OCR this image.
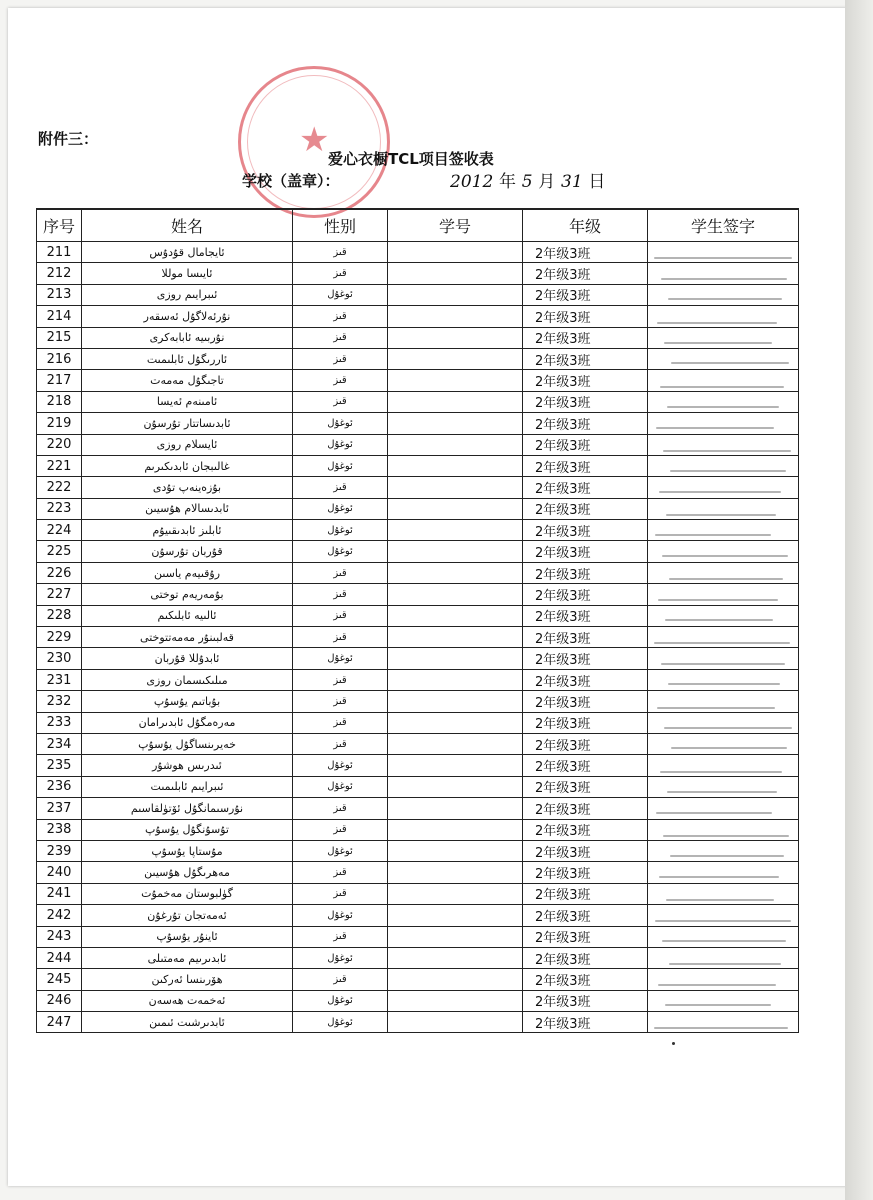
★
附件三：
爱心衣橱TCL项目签收表
学校（盖章）：	2012 年 5 月 31 日
序号	姓名	性别	学号	年级	学生签字
211	ئايجامال قۇدۇس	قىز		2年级3班	

212	ئايىسا موللا	قىز		2年级3班	

213	ئىبرايىم روزى	ئوغۇل		2年级3班	

214	نۇرئەلاگۇل ئەسقەر	قىز		2年级3班	

215	نۇربىيە ئابابەكرى	قىز		2年级3班	

216	ئاررىگۇل ئابلىمىت	قىز		2年级3班	

217	تاجىگۇل مەمەت	قىز		2年级3班	

218	ئامىنەم ئەيسا	قىز		2年级3班	

219	ئابدىساتتار تۇرسۇن	ئوغۇل		2年级3班	

220	ئايسلام روزى	ئوغۇل		2年级3班	

221	غالىبجان ئابدىكىرىم	ئوغۇل		2年级3班	

222	بۇزەينەپ تۇدى	قىز		2年级3班	

223	ئابدىسالام ھۇسيىن	ئوغۇل		2年级3班	

224	ئابلىز ئابدىقىيۇم	ئوغۇل		2年级3班	

225	قۇربان تۇرسۇن	ئوغۇل		2年级3班	

226	رۇقىيەم ياسىن	قىز		2年级3班	

227	بۇمەريەم توختى	قىز		2年级3班	

228	ئالىيە ئابلىكىم	قىز		2年级3班	

229	قەلبىنۇر مەمەتتوختى	قىز		2年级3班	

230	ئابدۇللا قۇربان	ئوغۇل		2年级3班	

231	مىلىكىسمان روزى	قىز		2年级3班	

232	بۇباتىم يۇسۇپ	قىز		2年级3班	

233	مەرەمگۇل ئابدىرامان	قىز		2年级3班	

234	خەيرىنساگۇل يۇسۇپ	قىز		2年级3班	

235	ئىدرىس ھوشۇر	ئوغۇل		2年级3班	

236	ئىبرايىم ئابلىمىت	ئوغۇل		2年级3班	

237	نۇرسىمانگۇل ئۆتۈلقاسىم	قىز		2年级3班	

238	تۇسۇنگۇل يۇسۇپ	قىز		2年级3班	

239	مۇستاپا يۇسۇپ	ئوغۇل		2年级3班	

240	مەھرىگۇل ھۇسيىن	قىز		2年级3班	

241	گۈلبوستان مەخمۇت	قىز		2年级3班	

242	ئەمەتجان تۇرغۇن	ئوغۇل		2年级3班	

243	ئاينۇر يۇسۇپ	قىز		2年级3班	

244	ئابدىرىيم مەمتىلى	ئوغۇل		2年级3班	

245	ھۆرىنسا ئەركىن	قىز		2年级3班	

246	ئەخمەت ھەسەن	ئوغۇل		2年级3班	

247	ئابدىرشىت ئىمىن	ئوغۇل		2年级3班	
